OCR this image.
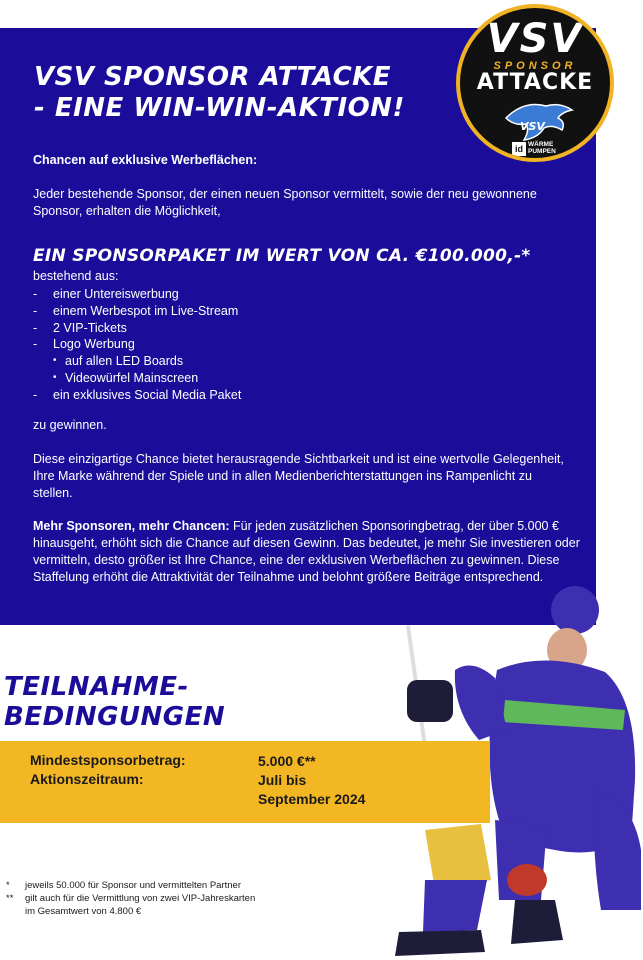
VSV SPONSOR ATTACKE
- EINE WIN-WIN-AKTION!
VSV
SPONSOR
ATTACKE
VSV
id WÄRME
PUMPEN
Chancen auf exklusive Werbeflächen:

Jeder bestehende Sponsor, der einen neuen Sponsor vermittelt, sowie der neu gewonnene Sponsor, erhalten die Möglichkeit,

EIN SPONSORPAKET IM WERT VON CA. €100.000,-*
bestehend aus:
- einer Untereiswerbung
- einem Werbespot im Live-Stream
- 2 VIP-Tickets
- Logo Werbung
• auf allen LED Boards
• Videowürfel Mainscreen
- ein exklusives Social Media Paket

zu gewinnen.

Diese einzigartige Chance bietet herausragende Sichtbarkeit und ist eine wertvolle Gelegenheit, Ihre Marke während der Spiele und in allen Medienberichterstattungen ins Rampenlicht zu stellen.

Mehr Sponsoren, mehr Chancen: Für jeden zusätzlichen Sponsoringbetrag, der über 5.000 € hinausgeht, erhöht sich die Chance auf diesen Gewinn. Das bedeutet, je mehr Sie investieren oder vermitteln, desto größer ist Ihre Chance, eine der exklusiven Werbeflächen zu gewinnen. Diese Staffelung erhöht die Attraktivität der Teilnahme und belohnt größere Beiträge entsprechend.

TEILNAHME-
BEDINGUNGEN
Mindestsponsorbetrag:	5.000 €**
Aktionszeitraum:	Juli bis
September 2024
*	jeweils 50.000 für Sponsor und vermittelten Partner
**	gilt auch für die Vermittlung von zwei VIP-Jahreskarten
im Gesamtwert von 4.800 €
